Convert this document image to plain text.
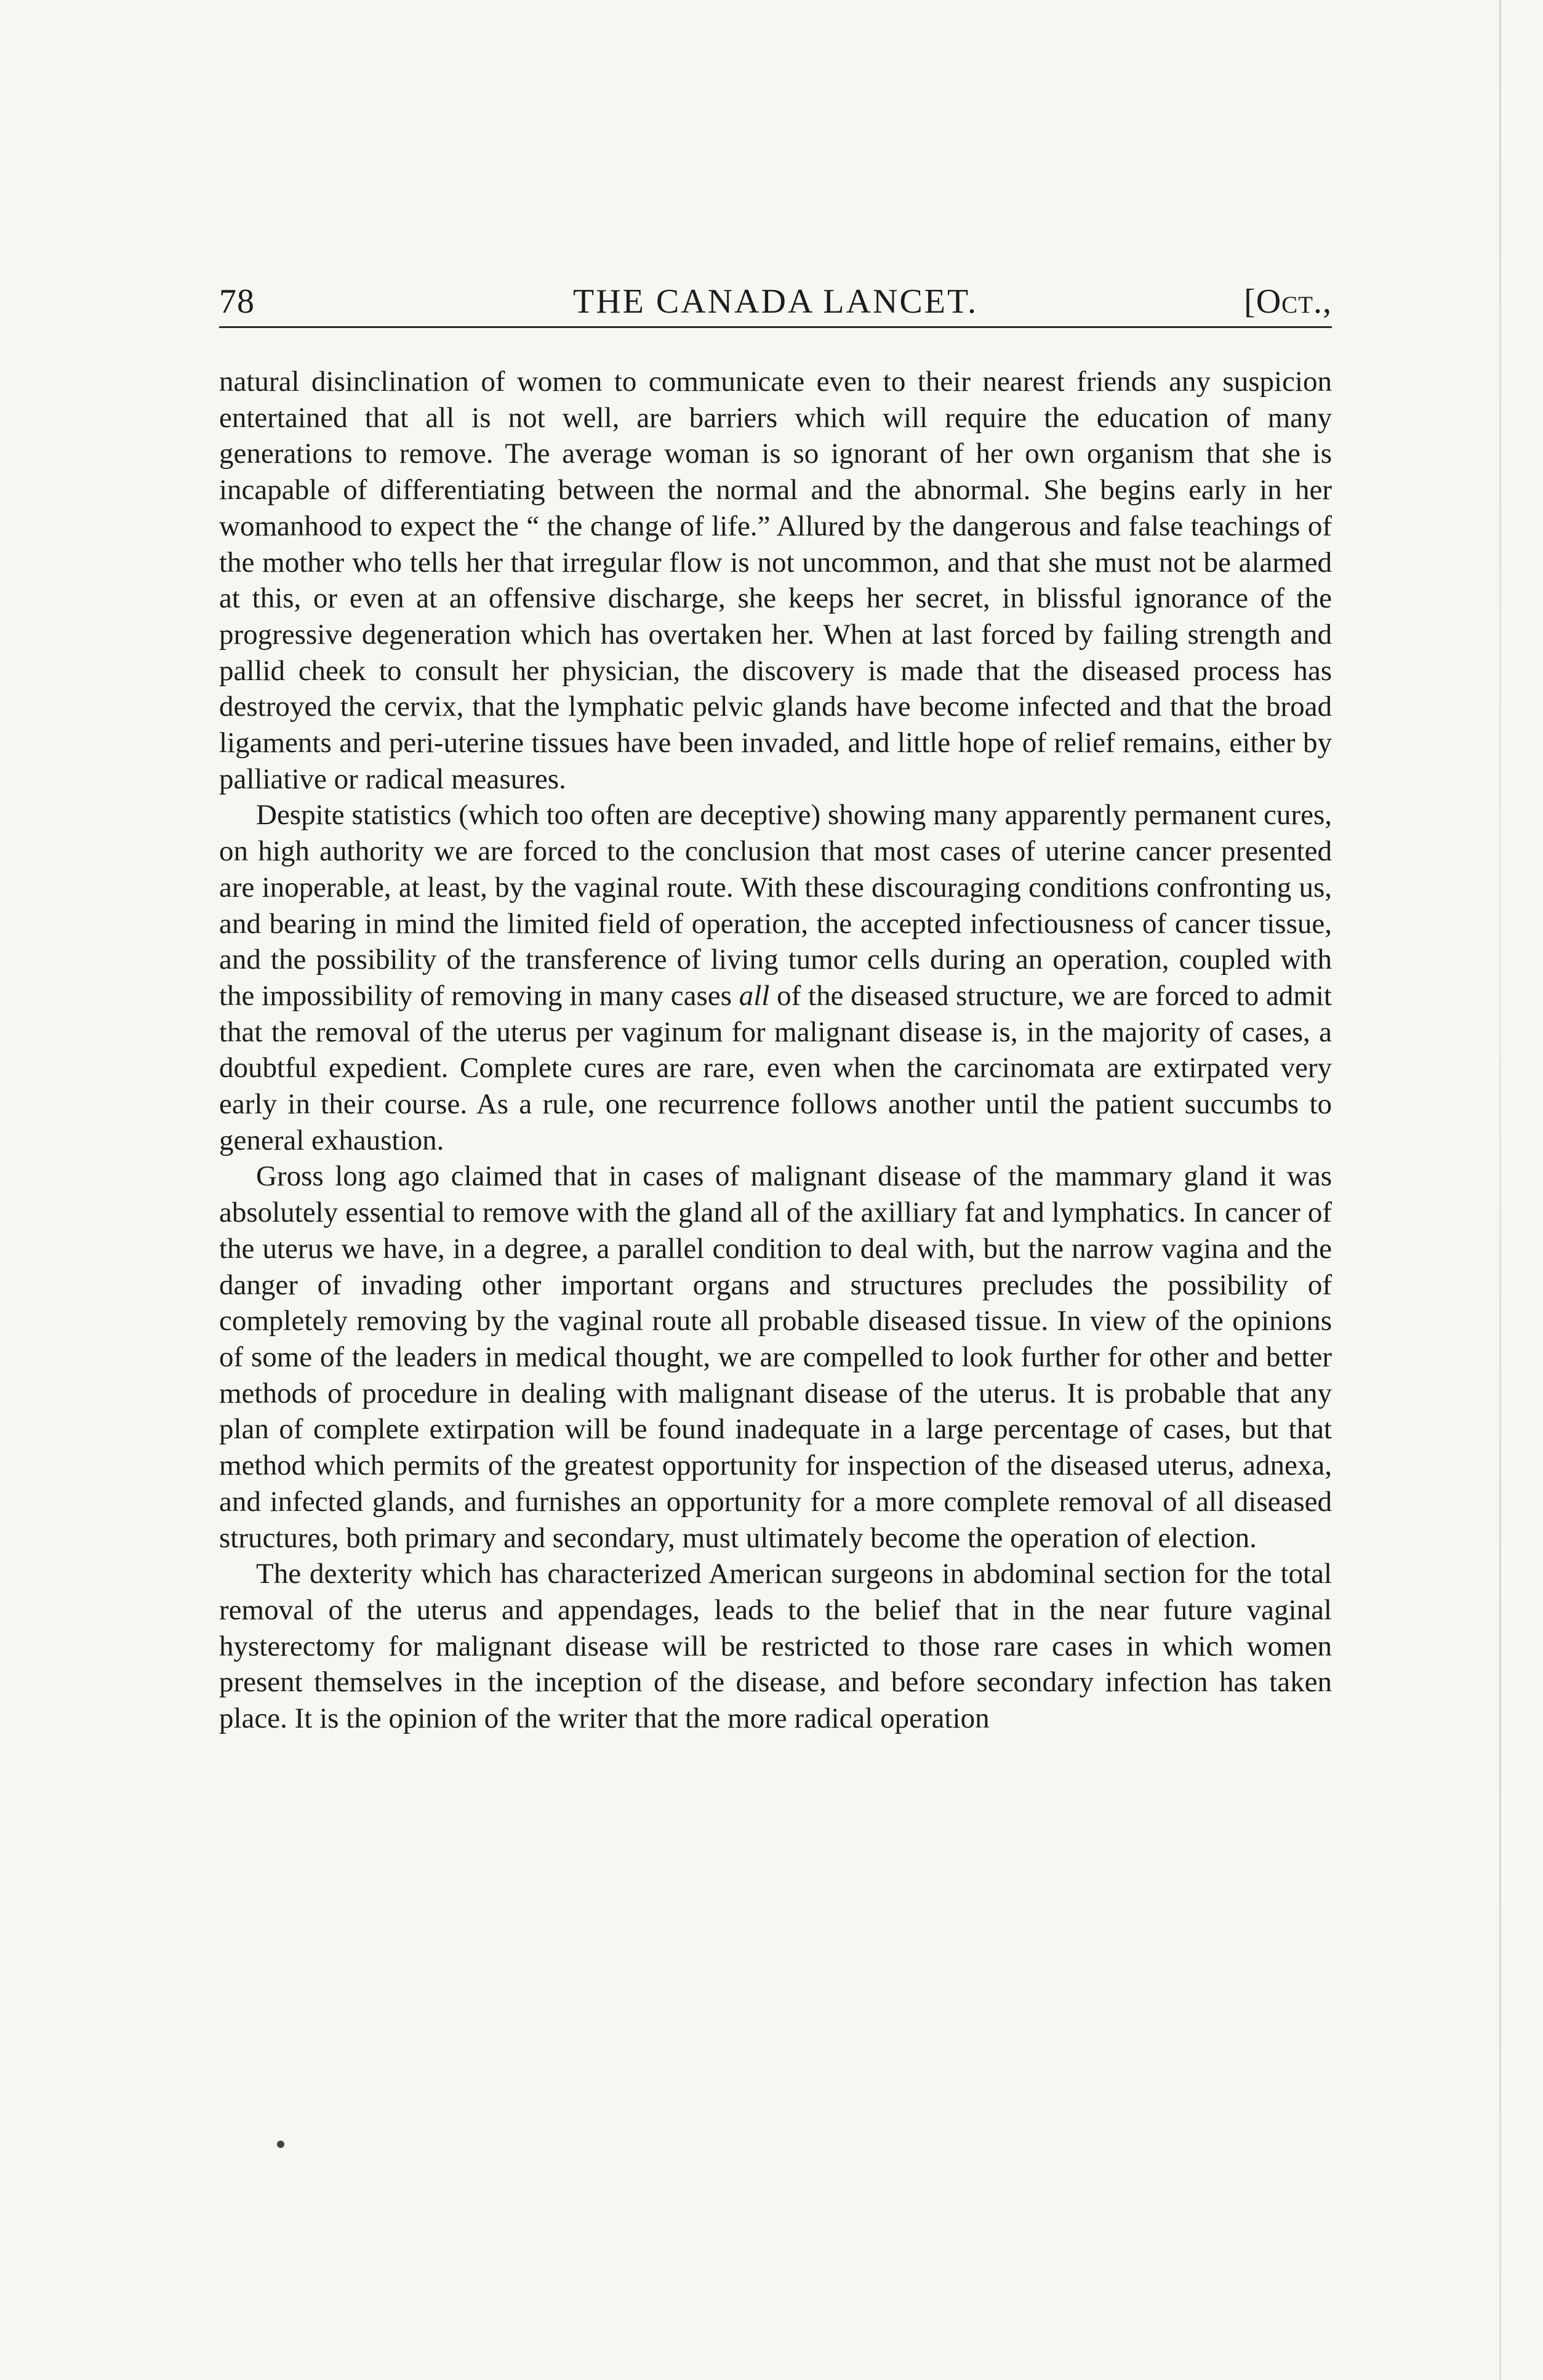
78	THE CANADA LANCET.	[Oct.,

natural disinclination of women to communicate even to their nearest friends any suspicion entertained that all is not well, are barriers which will require the education of many generations to remove. The average woman is so ignorant of her own organism that she is incapable of differentiating between the normal and the abnormal. She begins early in her womanhood to expect the “ the change of life.” Allured by the dangerous and false teachings of the mother who tells her that irregular flow is not uncommon, and that she must not be alarmed at this, or even at an offensive discharge, she keeps her secret, in blissful ignorance of the progressive degeneration which has overtaken her. When at last forced by failing strength and pallid cheek to consult her physician, the discovery is made that the diseased process has destroyed the cervix, that the lymphatic pelvic glands have become infected and that the broad ligaments and peri-uterine tissues have been invaded, and little hope of relief remains, either by palliative or radical measures.

Despite statistics (which too often are deceptive) showing many apparently permanent cures, on high authority we are forced to the conclusion that most cases of uterine cancer presented are inoperable, at least, by the vaginal route. With these discouraging conditions confronting us, and bearing in mind the limited field of operation, the accepted infectiousness of cancer tissue, and the possibility of the transference of living tumor cells during an operation, coupled with the impossibility of removing in many cases all of the diseased structure, we are forced to admit that the removal of the uterus per vaginum for malignant disease is, in the majority of cases, a doubtful expedient. Complete cures are rare, even when the carcinomata are extirpated very early in their course. As a rule, one recurrence follows another until the patient succumbs to general exhaustion.

Gross long ago claimed that in cases of malignant disease of the mammary gland it was absolutely essential to remove with the gland all of the axilliary fat and lymphatics. In cancer of the uterus we have, in a degree, a parallel condition to deal with, but the narrow vagina and the danger of invading other important organs and structures precludes the possibility of completely removing by the vaginal route all probable diseased tissue. In view of the opinions of some of the leaders in medical thought, we are compelled to look further for other and better methods of procedure in dealing with malignant disease of the uterus. It is probable that any plan of complete extirpation will be found inadequate in a large percentage of cases, but that method which permits of the greatest opportunity for inspection of the diseased uterus, adnexa, and infected glands, and furnishes an opportunity for a more complete removal of all diseased structures, both primary and secondary, must ultimately become the operation of election.

The dexterity which has characterized American surgeons in abdominal section for the total removal of the uterus and appendages, leads to the belief that in the near future vaginal hysterectomy for malignant disease will be restricted to those rare cases in which women present themselves in the inception of the disease, and before secondary infection has taken place. It is the opinion of the writer that the more radical operation
